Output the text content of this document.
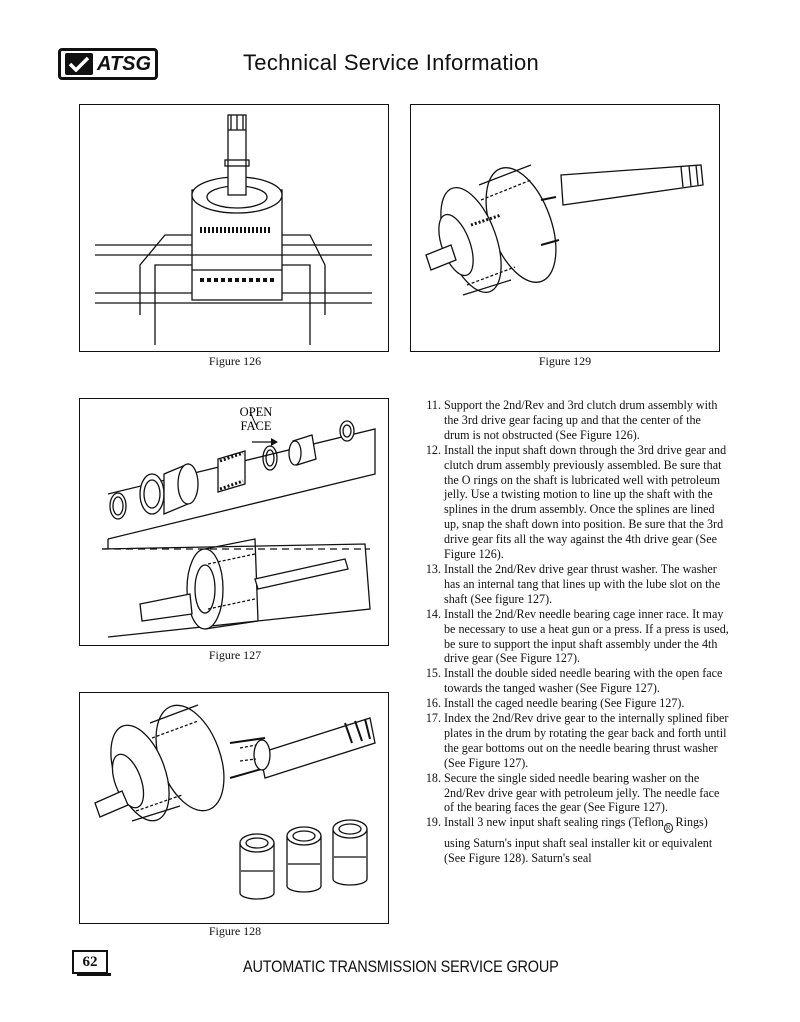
ATSG	Technical Service Information
Figure 126	Figure 129
OPEN
FACE
Figure 127
Figure 128
11. Support the 2nd/Rev and 3rd clutch drum assembly with the 3rd drive gear facing up and that the center of the drum is not obstructed (See Figure 126).
12. Install the input shaft down through the 3rd drive gear and clutch drum assembly previously assembled. Be sure that the O rings on the shaft is lubricated well with petroleum jelly. Use a twisting motion to line up the shaft with the splines in the drum assembly. Once the splines are lined up, snap the shaft down into position. Be sure that the 3rd drive gear fits all the way against the 4th drive gear (See Figure 126).
13. Install the 2nd/Rev drive gear thrust washer. The washer has an internal tang that lines up with the lube slot on the shaft (See figure 127).
14. Install the 2nd/Rev needle bearing cage inner race. It may be necessary to use a heat gun or a press. If a press is used, be sure to support the input shaft assembly under the 4th drive gear (See Figure 127).
15. Install the double sided needle bearing with the open face towards the tanged washer (See Figure 127).
16. Install the caged needle bearing (See Figure 127).
17. Index the 2nd/Rev drive gear to the internally splined fiber plates in the drum by rotating the gear back and forth until the gear bottoms out on the needle bearing thrust washer (See Figure 127).
18. Secure the single sided needle bearing washer on the 2nd/Rev drive gear with petroleum jelly. The needle face of the bearing faces the gear (See Figure 127).
19. Install 3 new input shaft sealing rings (Teflon $_R$ Rings) using Saturn's input shaft seal installer kit or equivalent (See Figure 128). Saturn's seal
62	AUTOMATIC TRANSMISSION SERVICE GROUP
